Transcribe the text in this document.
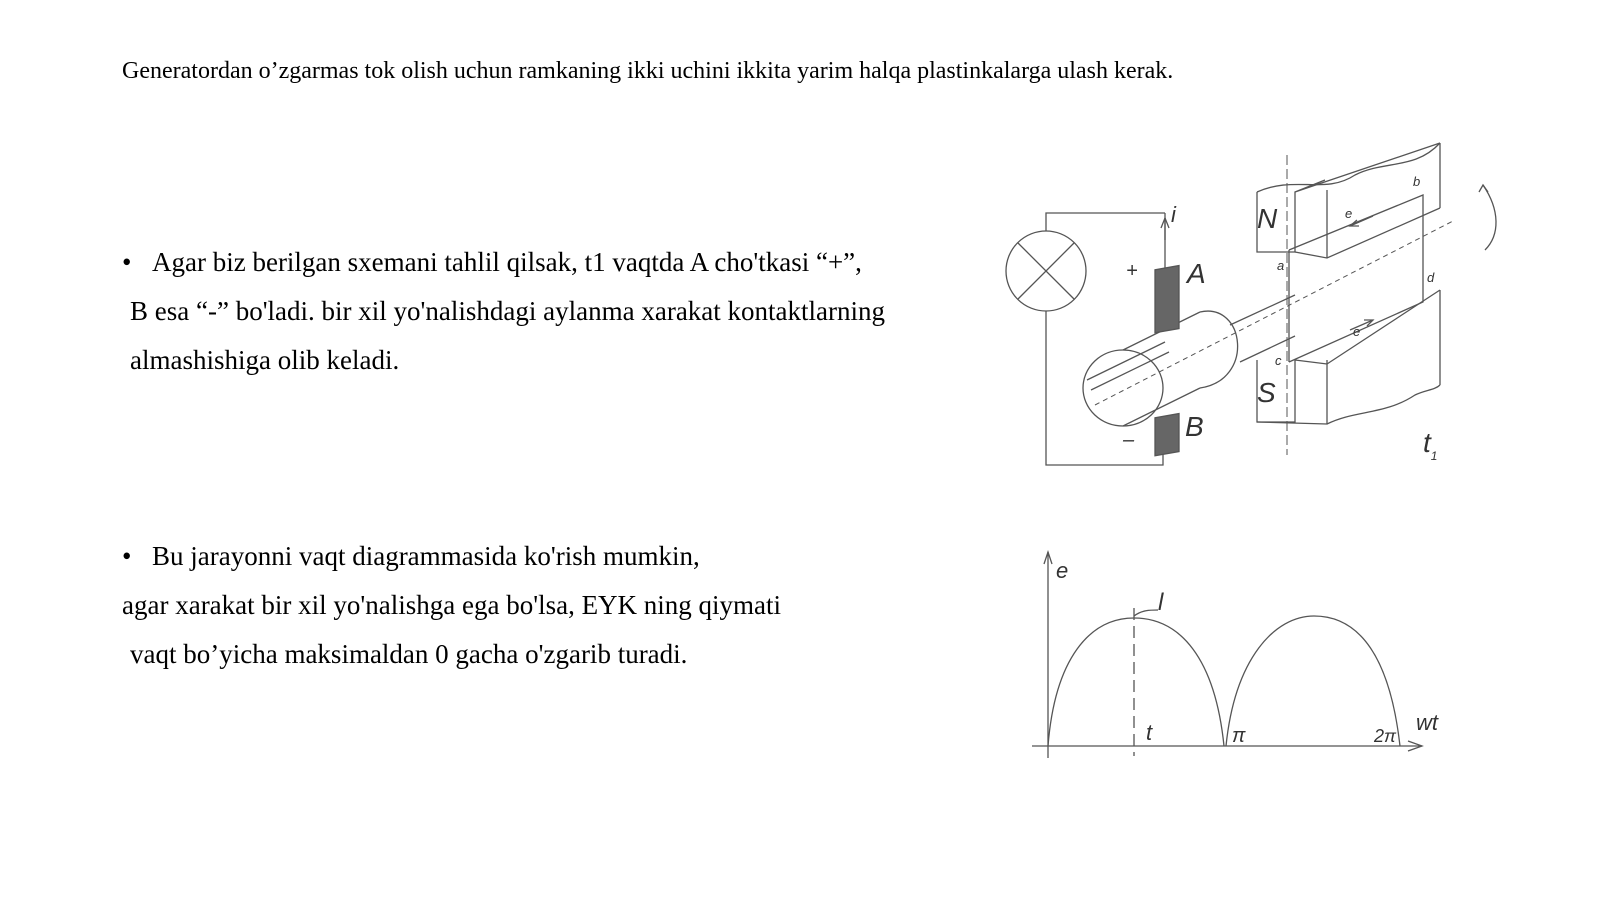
Generatordan o’zgarmas tok olish uchun ramkaning ikki uchini ikkita yarim halqa plastinkalarga ulash kerak.
• Agar biz berilgan sxemani tahlil qilsak, t1 vaqtda A cho'tkasi “+”,
B esa “-” bo'ladi. bir xil yo'nalishdagi aylanma xarakat kontaktlarning
almashishiga olib keladi.
• Bu jarayonni vaqt diagrammasida ko'rish mumkin,
agar xarakat bir xil yo'nalishga ega bo'lsa, EYK ning qiymati
vaqt bo’yicha maksimaldan 0 gacha o'zgarib turadi.
i
+
–
A
B
N
S
a
b
c
d
e
e
$t_1$
e
l
t	π	2π
wt
